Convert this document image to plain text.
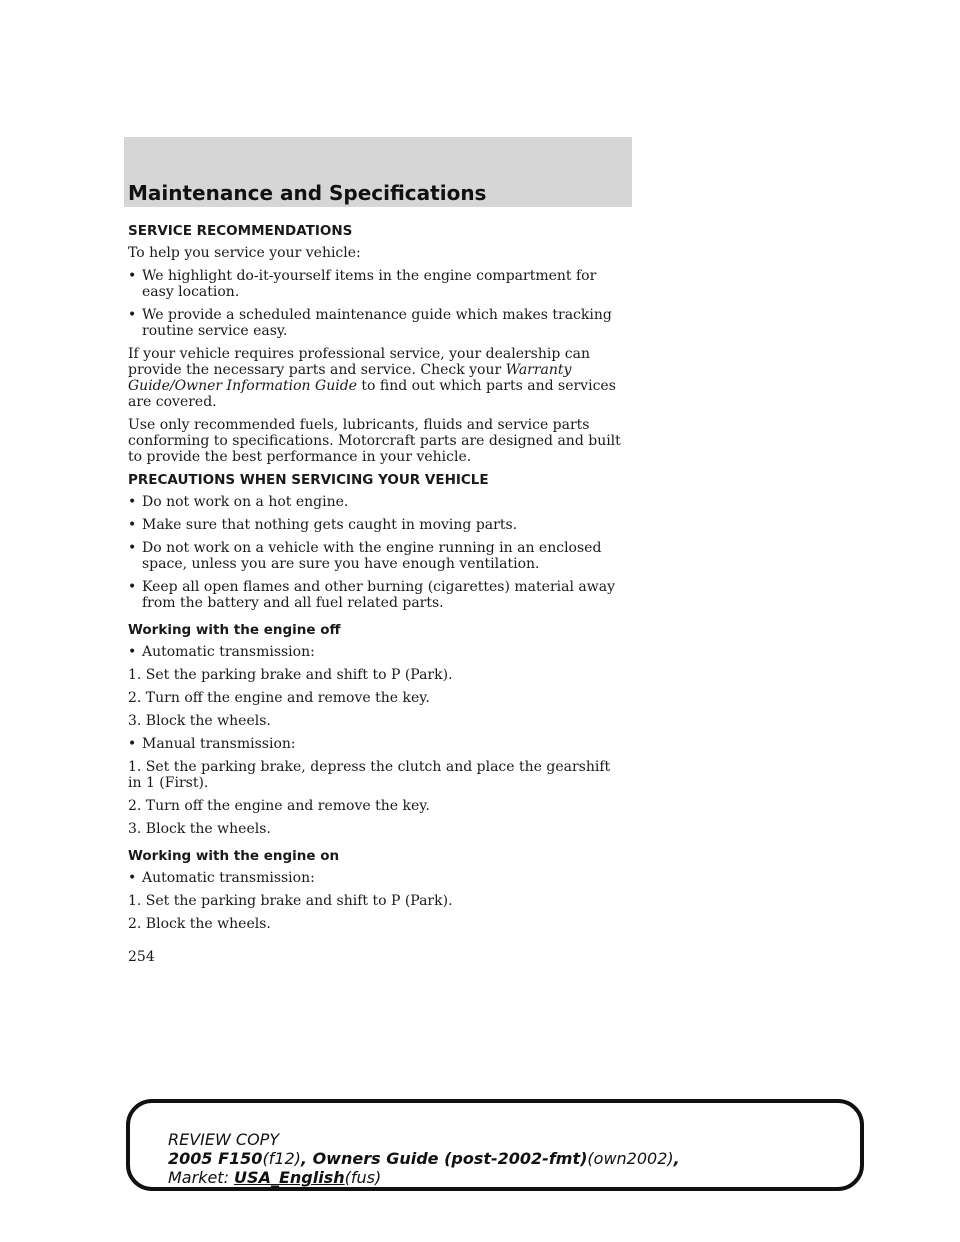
Maintenance and Specifications
SERVICE RECOMMENDATIONS

To help you service your vehicle:

• We highlight do-it-yourself items in the engine compartment for easy location.
• We provide a scheduled maintenance guide which makes tracking routine service easy.

If your vehicle requires professional service, your dealership can provide the necessary parts and service. Check your Warranty Guide/Owner Information Guide to find out which parts and services are covered.

Use only recommended fuels, lubricants, fluids and service parts conforming to specifications. Motorcraft parts are designed and built to provide the best performance in your vehicle.

PRECAUTIONS WHEN SERVICING YOUR VEHICLE
• Do not work on a hot engine.
• Make sure that nothing gets caught in moving parts.
• Do not work on a vehicle with the engine running in an enclosed space, unless you are sure you have enough ventilation.
• Keep all open flames and other burning (cigarettes) material away from the battery and all fuel related parts.
Working with the engine off
• Automatic transmission:

1. Set the parking brake and shift to P (Park).

2. Turn off the engine and remove the key.

3. Block the wheels.

• Manual transmission:

1. Set the parking brake, depress the clutch and place the gearshift in 1 (First).

2. Turn off the engine and remove the key.

3. Block the wheels.

Working with the engine on
• Automatic transmission:

1. Set the parking brake and shift to P (Park).

2. Block the wheels.

254
REVIEW COPY
2005 F150(f12), Owners Guide (post-2002-fmt)(own2002),
Market: USA_English(fus)
